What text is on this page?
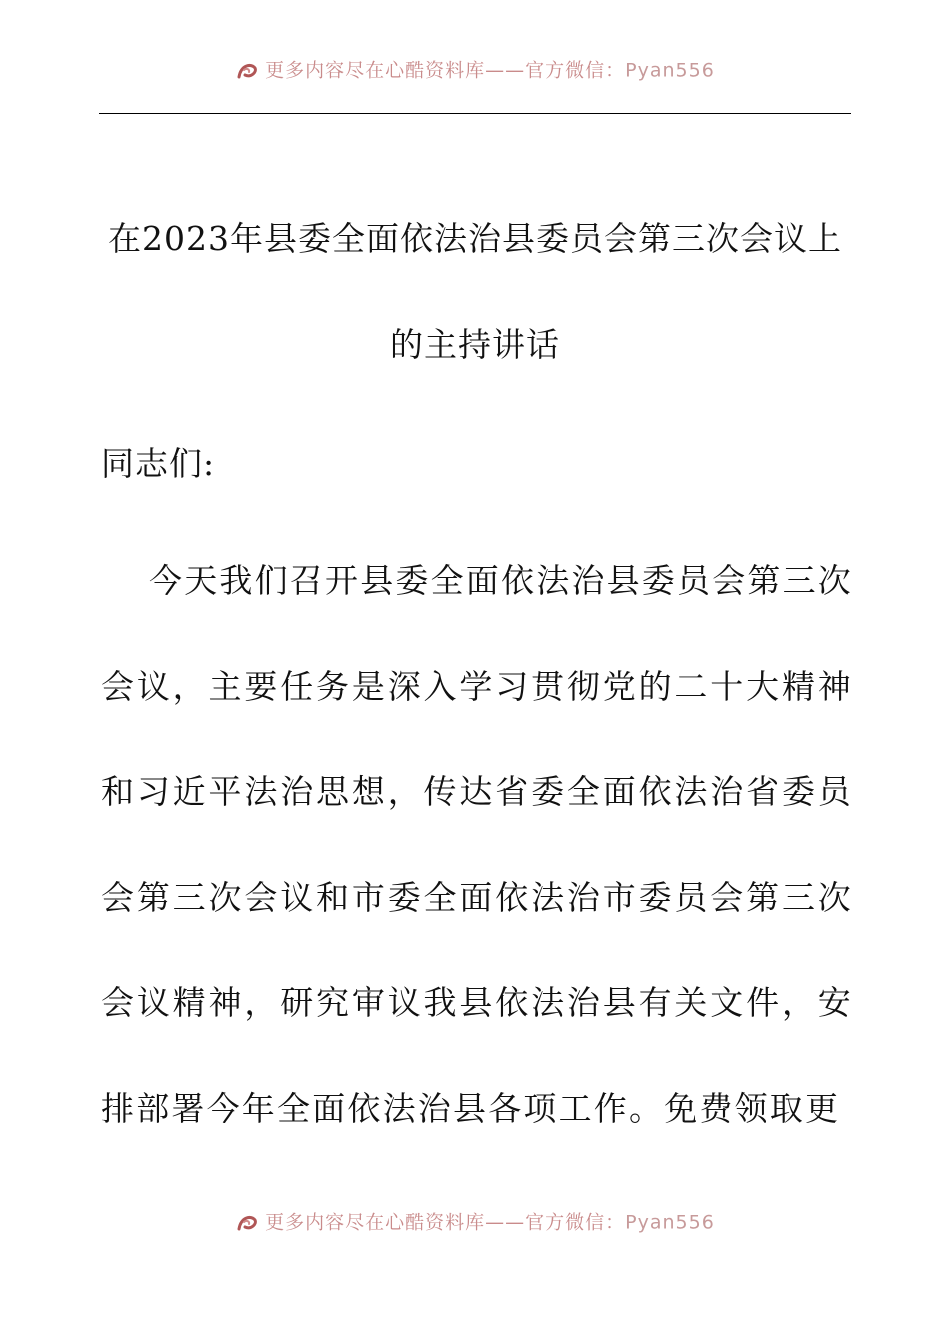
更多内容尽在心酷资料库——官方微信：Pyan556
在2023年县委全面依法治县委员会第三次会议上的主持讲话

同志们:

今天我们召开县委全面依法治县委员会第三次会议，主要任务是深入学习贯彻党的二十大精神和习近平法治思想，传达省委全面依法治省委员会第三次会议和市委全面依法治市委员会第三次会议精神，研究审议我县依法治县有关文件，安排部署今年全面依法治县各项工作。免费领取更

更多内容尽在心酷资料库——官方微信：Pyan556
